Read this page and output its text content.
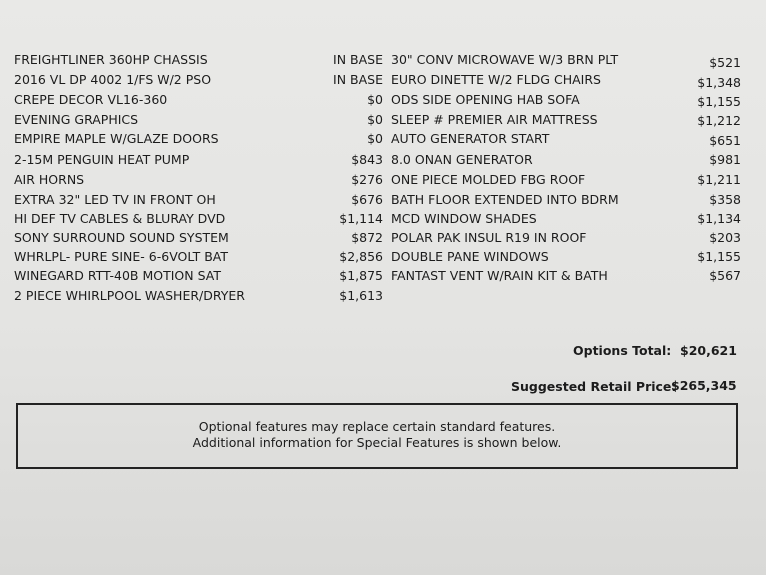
FREIGHTLINER 360HP CHASSIS	IN BASE 30" CONV MICROWAVE W/3 BRN PLT	$521
2016 VL DP 4002 1/FS W/2 PSO	IN BASE EURO DINETTE W/2 FLDG CHAIRS	$1,348
CREPE DECOR VL16-360	$0 ODS SIDE OPENING HAB SOFA	$1,155
EVENING GRAPHICS	$0 SLEEP # PREMIER AIR MATTRESS	$1,212
EMPIRE MAPLE W/GLAZE DOORS	$0 AUTO GENERATOR START	$651
2-15M PENGUIN HEAT PUMP	$843 8.0 ONAN GENERATOR	$981
AIR HORNS	$276 ONE PIECE MOLDED FBG ROOF	$1,211
EXTRA 32" LED TV IN FRONT OH	$676 BATH FLOOR EXTENDED INTO BDRM	$358
HI DEF TV CABLES & BLURAY DVD	$1,114 MCD WINDOW SHADES	$1,134
SONY SURROUND SOUND SYSTEM	$872 POLAR PAK INSUL R19 IN ROOF	$203
WHRLPL- PURE SINE- 6-6VOLT BAT	$2,856 DOUBLE PANE WINDOWS	$1,155
WINEGARD RTT-40B MOTION SAT	$1,875 FANTAST VENT W/RAIN KIT & BATH	$567
2 PIECE WHIRLPOOL WASHER/DRYER	$1,613
Options Total: $20,621
Suggested Retail Price:
$265,345

Optional features may replace certain standard features.

Additional information for Special Features is shown below.
